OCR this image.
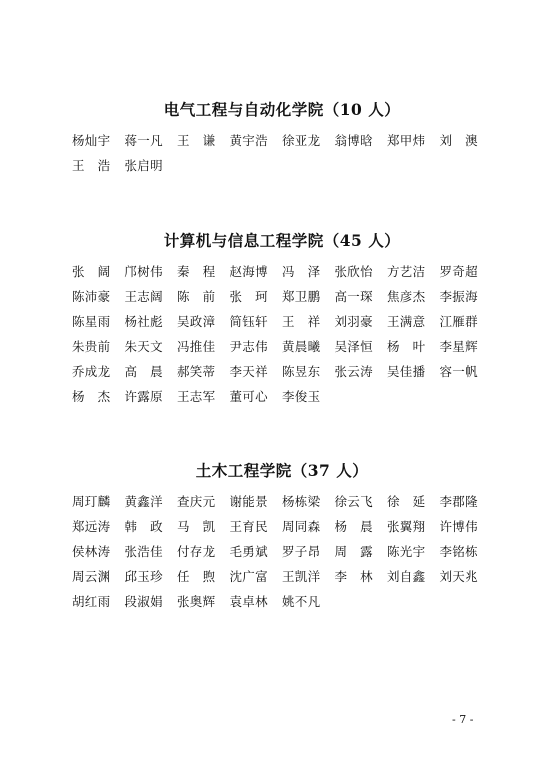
电气工程与自动化学院（10 人）
杨灿宇	蒋一凡	王　谦	黄宇浩	徐亚龙	翁博晗	郑甲炜	刘　澳
王　浩	张启明
计算机与信息工程学院（45 人）
张　阔	邝树伟	秦　程	赵海博	冯　泽	张欣怡	方艺洁	罗奇超
陈沛豪	王志阔	陈　前	张　珂	郑卫鹏	高一琛	焦彦杰	李振海
陈星雨	杨社彪	吴政漳	简钰轩	王　祥	刘羽豪	王满意	江雁群
朱贵前	朱天文	冯推佳	尹志伟	黄晨曦	吴泽恒	杨　叶	李星辉
乔成龙	高　晨	郝笑蒂	李天祥	陈昱东	张云涛	吴佳播	容一帆
杨　杰	许露原	王志军	董可心	李俊玉
土木工程学院（37 人）
周玎麟	黄鑫洋	查庆元	谢能景	杨栋梁	徐云飞	徐　延	李郡隆
郑远涛	韩　政	马　凯	王育民	周同森	杨　晨	张翼翔	许博伟
侯林涛	张浩佳	付存龙	毛勇斌	罗子昂	周　露	陈光宇	李铭栋
周云渊	邱玉珍	任　煦	沈广富	王凯洋	李　林	刘自鑫	刘天兆
胡红雨	段淑娟	张奥辉	袁卓林	姚不凡
- 7 -
